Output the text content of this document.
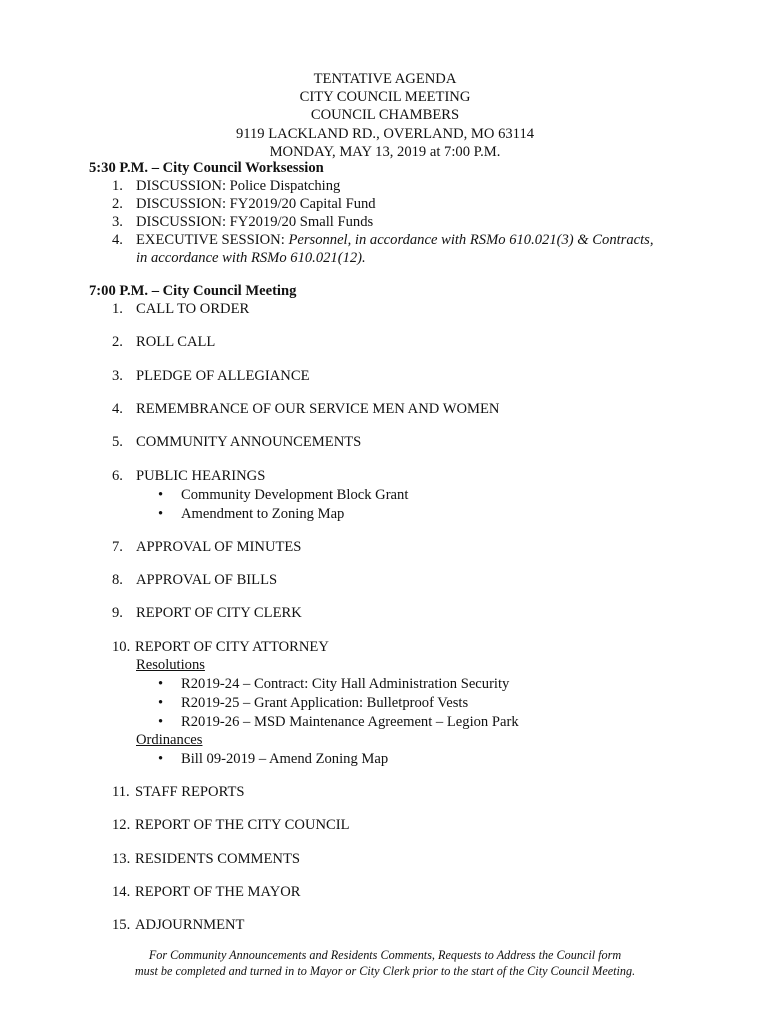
TENTATIVE AGENDA
CITY COUNCIL MEETING
COUNCIL CHAMBERS
9119 LACKLAND RD., OVERLAND, MO 63114
MONDAY, MAY 13, 2019 at 7:00 P.M.
5:30 P.M. – City Council Worksession
1. DISCUSSION: Police Dispatching
2. DISCUSSION: FY2019/20 Capital Fund
3. DISCUSSION: FY2019/20 Small Funds
4. EXECUTIVE SESSION: Personnel, in accordance with RSMo 610.021(3) & Contracts,
in accordance with RSMo 610.021(12).
7:00 P.M. – City Council Meeting
1. CALL TO ORDER
2. ROLL CALL
3. PLEDGE OF ALLEGIANCE
4. REMEMBRANCE OF OUR SERVICE MEN AND WOMEN
5. COMMUNITY ANNOUNCEMENTS
6. PUBLIC HEARINGS
• Community Development Block Grant
• Amendment to Zoning Map
7. APPROVAL OF MINUTES
8. APPROVAL OF BILLS
9. REPORT OF CITY CLERK
10. REPORT OF CITY ATTORNEY
Resolutions
• R2019-24 – Contract: City Hall Administration Security
• R2019-25 – Grant Application: Bulletproof Vests
• R2019-26 – MSD Maintenance Agreement – Legion Park
Ordinances
• Bill 09-2019 – Amend Zoning Map
11. STAFF REPORTS
12. REPORT OF THE CITY COUNCIL
13. RESIDENTS COMMENTS
14. REPORT OF THE MAYOR
15. ADJOURNMENT
For Community Announcements and Residents Comments, Requests to Address the Council form
must be completed and turned in to Mayor or City Clerk prior to the start of the City Council Meeting.
